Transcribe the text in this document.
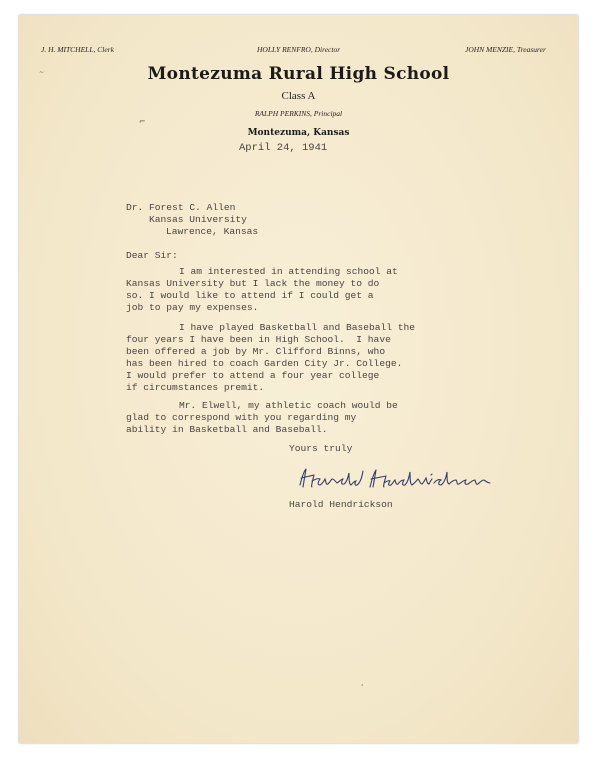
J. H. MITCHELL, Clerk	HOLLY RENFRO, Director	JOHN MENZIE, Treasurer
Montezuma Rural High School
Class A
RALPH PERKINS, Principal
Montezuma, Kansas
⌐
~
April 24, 1941
Dr. Forest C. Allen
Kansas University
Lawrence, Kansas
Dear Sir:
I am interested in attending school at
Kansas University but I lack the money to do
so. I would like to attend if I could get a
job to pay my expenses.
I have played Basketball and Baseball the
four years I have been in High School.  I have
been offered a job by Mr. Clifford Binns, who
has been hired to coach Garden City Jr. College.
I would prefer to attend a four year college
if circumstances premit.
Mr. Elwell, my athletic coach would be
glad to correspond with you regarding my
ability in Basketball and Baseball.
Yours truly
Harold Hendrickson
‚
